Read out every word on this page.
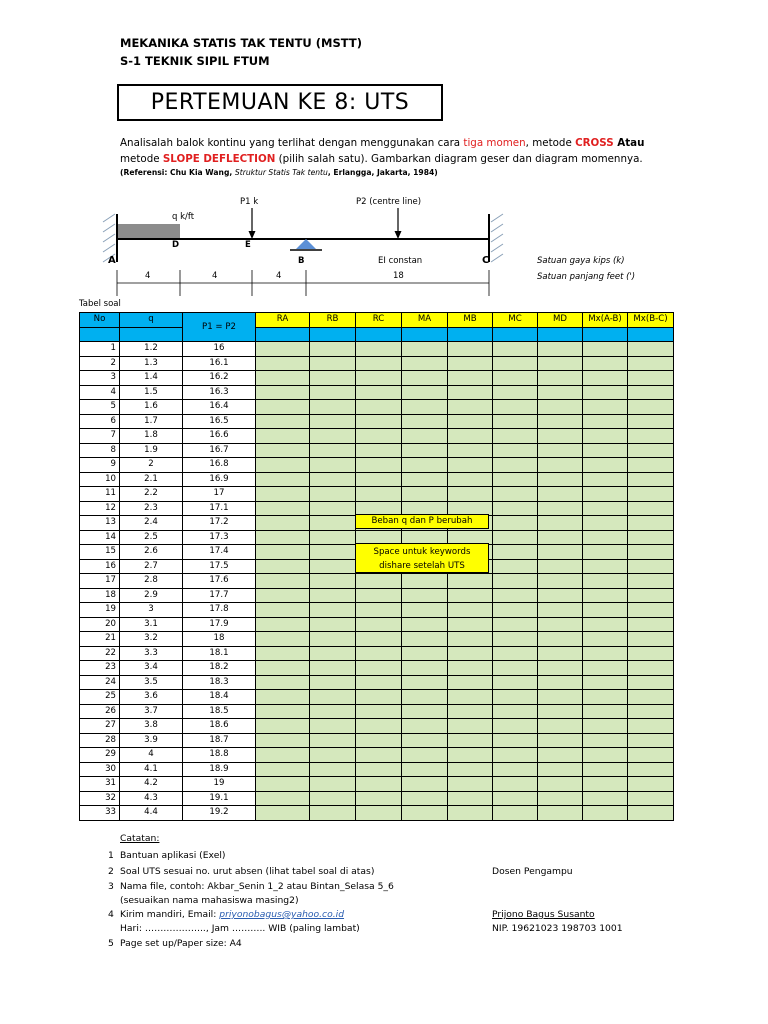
MEKANIKA STATIS TAK TENTU (MSTT)
S-1 TEKNIK SIPIL FTUM
PERTEMUAN KE 8: UTS
Analisalah balok kontinu yang terlihat dengan menggunakan cara tiga momen, metode CROSS Atau
metode SLOPE DEFLECTION (pilih salah satu). Gambarkan diagram geser dan diagram momennya.
(Referensi: Chu Kia Wang, Struktur Statis Tak tentu, Erlangga, Jakarta, 1984)
q k/ft
P1 k	P2 (centre line)
A
D	E
B	C
EI constan	Satuan gaya kips (k)
Satuan panjang feet (')
4	4	4	18
Tabel soal
No	q	P1 = P2	RA	RB	RC	MA	MB	MC	MD	Mx(A-B)	Mx(B-C)

1	1.2	16									
2	1.3	16.1									
3	1.4	16.2									
4	1.5	16.3									
5	1.6	16.4									
6	1.7	16.5									
7	1.8	16.6									
8	1.9	16.7									
9	2	16.8									
10	2.1	16.9									
11	2.2	17									
12	2.3	17.1									
13	2.4	17.2									
14	2.5	17.3									
15	2.6	17.4									
16	2.7	17.5									
17	2.8	17.6									
18	2.9	17.7									
19	3	17.8									
20	3.1	17.9									
21	3.2	18									
22	3.3	18.1									
23	3.4	18.2									
24	3.5	18.3									
25	3.6	18.4									
26	3.7	18.5									
27	3.8	18.6									
28	3.9	18.7									
29	4	18.8									
30	4.1	18.9									
31	4.2	19									
32	4.3	19.1									
33	4.4	19.2									
Beban q dan P berubah
Space untuk keywords
dishare setelah UTS
Catatan:
1 Bantuan aplikasi (Exel)
2 Soal UTS sesuai no. urut absen (lihat tabel soal di atas)
3 Nama file, contoh: Akbar_Senin 1_2 atau Bintan_Selasa 5_6
(sesuaikan nama mahasiswa masing2)
4 Kirim mandiri, Email: priyonobagus@yahoo.co.id
Hari: ……………….., Jam ……….. WIB (paling lambat)
5 Page set up/Paper size: A4
Dosen Pengampu
Prijono Bagus Susanto
NIP. 19621023 198703 1001
